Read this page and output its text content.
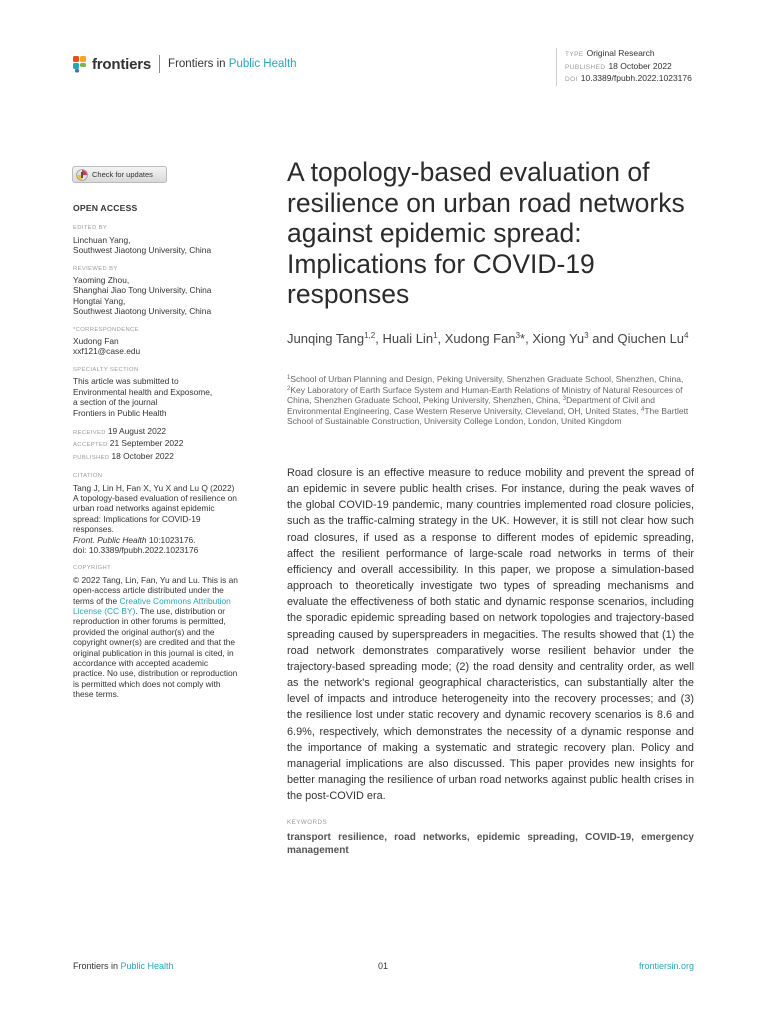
frontiers Frontiers in Public Health
TYPE Original Research
PUBLISHED 18 October 2022
DOI 10.3389/fpubh.2022.1023176
Check for updates
OPEN ACCESS
EDITED BY
Linchuan Yang,
Southwest Jiaotong University, China
REVIEWED BY
Yaoming Zhou,
Shanghai Jiao Tong University, China
Hongtai Yang,
Southwest Jiaotong University, China
*CORRESPONDENCE
Xudong Fan
xxf121@case.edu
SPECIALTY SECTION
This article was submitted to
Environmental health and Exposome,
a section of the journal
Frontiers in Public Health
RECEIVED 19 August 2022
ACCEPTED 21 September 2022
PUBLISHED 18 October 2022
CITATION
Tang J, Lin H, Fan X, Yu X and Lu Q (2022) A topology-based evaluation of resilience on urban road networks against epidemic spread: Implications for COVID-19 responses.
Front. Public Health 10:1023176.
doi: 10.3389/fpubh.2022.1023176
COPYRIGHT
© 2022 Tang, Lin, Fan, Yu and Lu. This is an open-access article distributed under the terms of the Creative Commons Attribution License (CC BY). The use, distribution or reproduction in other forums is permitted, provided the original author(s) and the copyright owner(s) are credited and that the original publication in this journal is cited, in accordance with accepted academic practice. No use, distribution or reproduction is permitted which does not comply with these terms.
A topology-based evaluation of resilience on urban road networks against epidemic spread: Implications for COVID-19 responses
Junqing Tang$^{1,2}$, Huali Lin$^1$, Xudong Fan$^3$*, Xiong Yu$^3$ and Qiuchen Lu$^4$
$^1$School of Urban Planning and Design, Peking University, Shenzhen Graduate School, Shenzhen, China, $^2$Key Laboratory of Earth Surface System and Human-Earth Relations of Ministry of Natural Resources of China, Shenzhen Graduate School, Peking University, Shenzhen, China, $^3$Department of Civil and Environmental Engineering, Case Western Reserve University, Cleveland, OH, United States, $^4$The Bartlett School of Sustainable Construction, University College London, London, United Kingdom
Road closure is an effective measure to reduce mobility and prevent the spread of an epidemic in severe public health crises. For instance, during the peak waves of the global COVID-19 pandemic, many countries implemented road closure policies, such as the traffic-calming strategy in the UK. However, it is still not clear how such road closures, if used as a response to different modes of epidemic spreading, affect the resilient performance of large-scale road networks in terms of their efficiency and overall accessibility. In this paper, we propose a simulation-based approach to theoretically investigate two types of spreading mechanisms and evaluate the effectiveness of both static and dynamic response scenarios, including the sporadic epidemic spreading based on network topologies and trajectory-based spreading caused by superspreaders in megacities. The results showed that (1) the road network demonstrates comparatively worse resilient behavior under the trajectory-based spreading mode; (2) the road density and centrality order, as well as the network's regional geographical characteristics, can substantially alter the level of impacts and introduce heterogeneity into the recovery processes; and (3) the resilience lost under static recovery and dynamic recovery scenarios is 8.6 and 6.9%, respectively, which demonstrates the necessity of a dynamic response and the importance of making a systematic and strategic recovery plan. Policy and managerial implications are also discussed. This paper provides new insights for better managing the resilience of urban road networks against public health crises in the post-COVID era.
KEYWORDS
transport resilience, road networks, epidemic spreading, COVID-19, emergency management
Frontiers in Public Health	01	frontiersin.org
